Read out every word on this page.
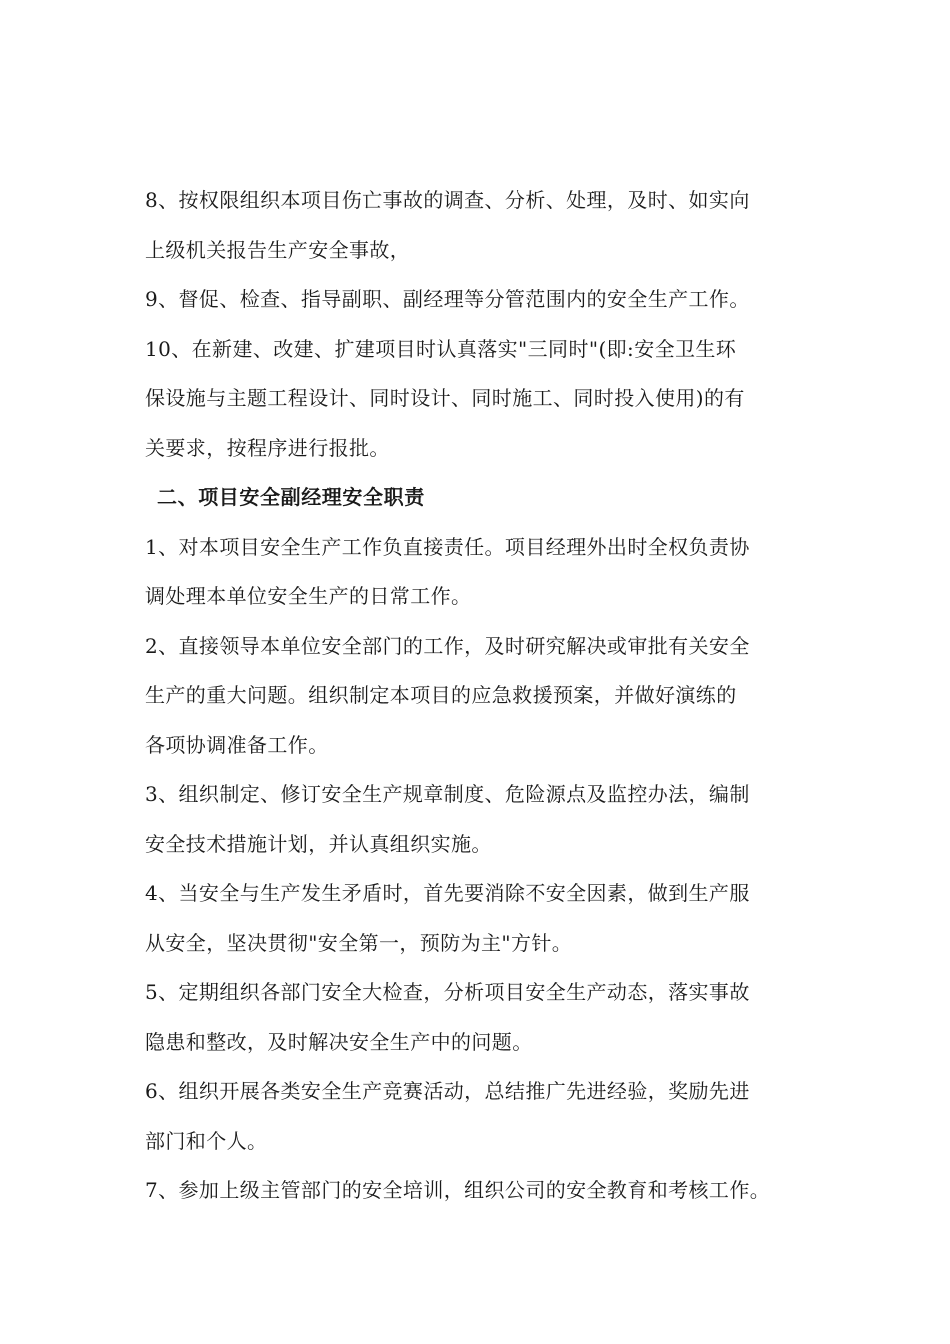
8、按权限组织本项目伤亡事故的调查、分析、处理，及时、如实向
上级机关报告生产安全事故，
9、督促、检查、指导副职、副经理等分管范围内的安全生产工作。
10、在新建、改建、扩建项目时认真落实"三同时"(即:安全卫生环
保设施与主题工程设计、同时设计、同时施工、同时投入使用)的有
关要求，按程序进行报批。
二、项目安全副经理安全职责
1、对本项目安全生产工作负直接责任。项目经理外出时全权负责协
调处理本单位安全生产的日常工作。
2、直接领导本单位安全部门的工作，及时研究解决或审批有关安全
生产的重大问题。组织制定本项目的应急救援预案，并做好演练的
各项协调准备工作。
3、组织制定、修订安全生产规章制度、危险源点及监控办法，编制
安全技术措施计划，并认真组织实施。
4、当安全与生产发生矛盾时，首先要消除不安全因素，做到生产服
从安全，坚决贯彻"安全第一，预防为主"方针。
5、定期组织各部门安全大检查，分析项目安全生产动态，落实事故
隐患和整改，及时解决安全生产中的问题。
6、组织开展各类安全生产竞赛活动，总结推广先进经验，奖励先进
部门和个人。
7、参加上级主管部门的安全培训，组织公司的安全教育和考核工作。
